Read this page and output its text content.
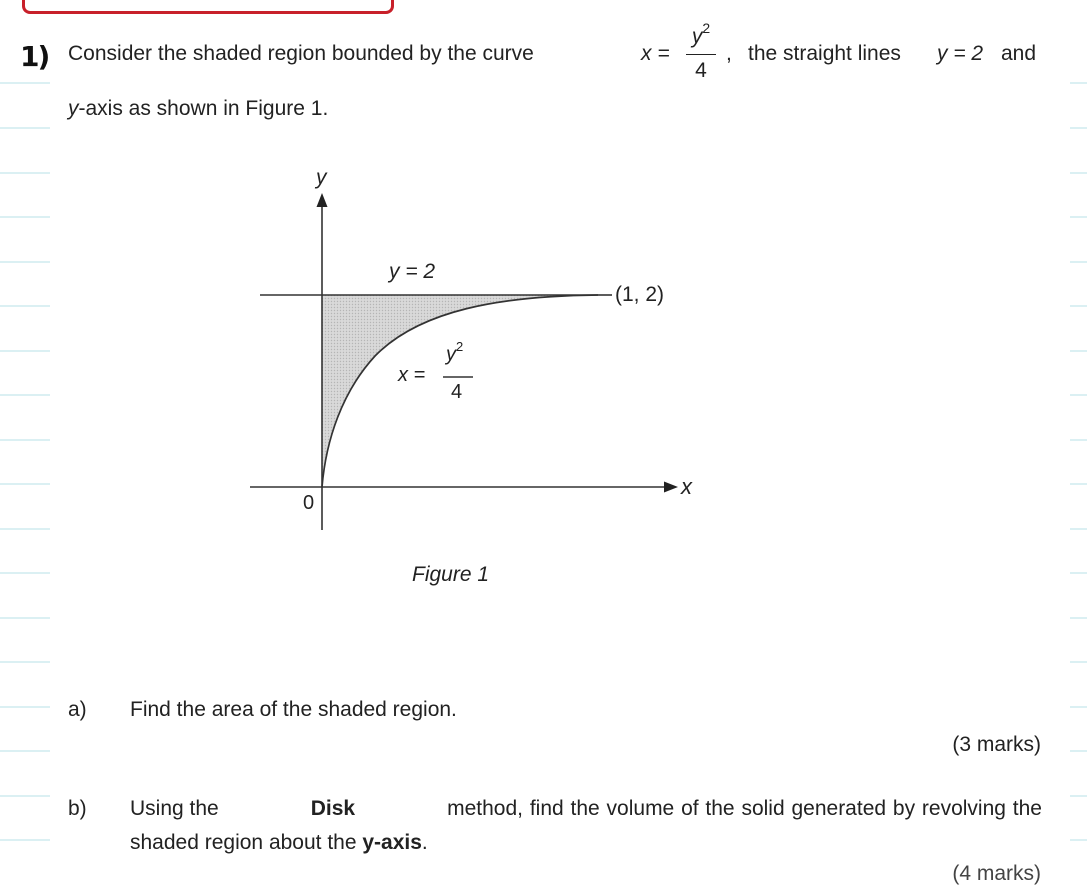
1) Consider the shaded region bounded by the curve	x =
$y^2$
4
, the straight lines y = 2 and
y-axis as shown in Figure 1.
y
x
0
y = 2
(1, 2)
x =
$y^2$
4
Figure 1
a) Find the area of the shaded region.
(3 marks)
b) Using the	Disk	method, find the volume of the solid generated by revolving the
shaded region about the y-axis.
(4 marks)
